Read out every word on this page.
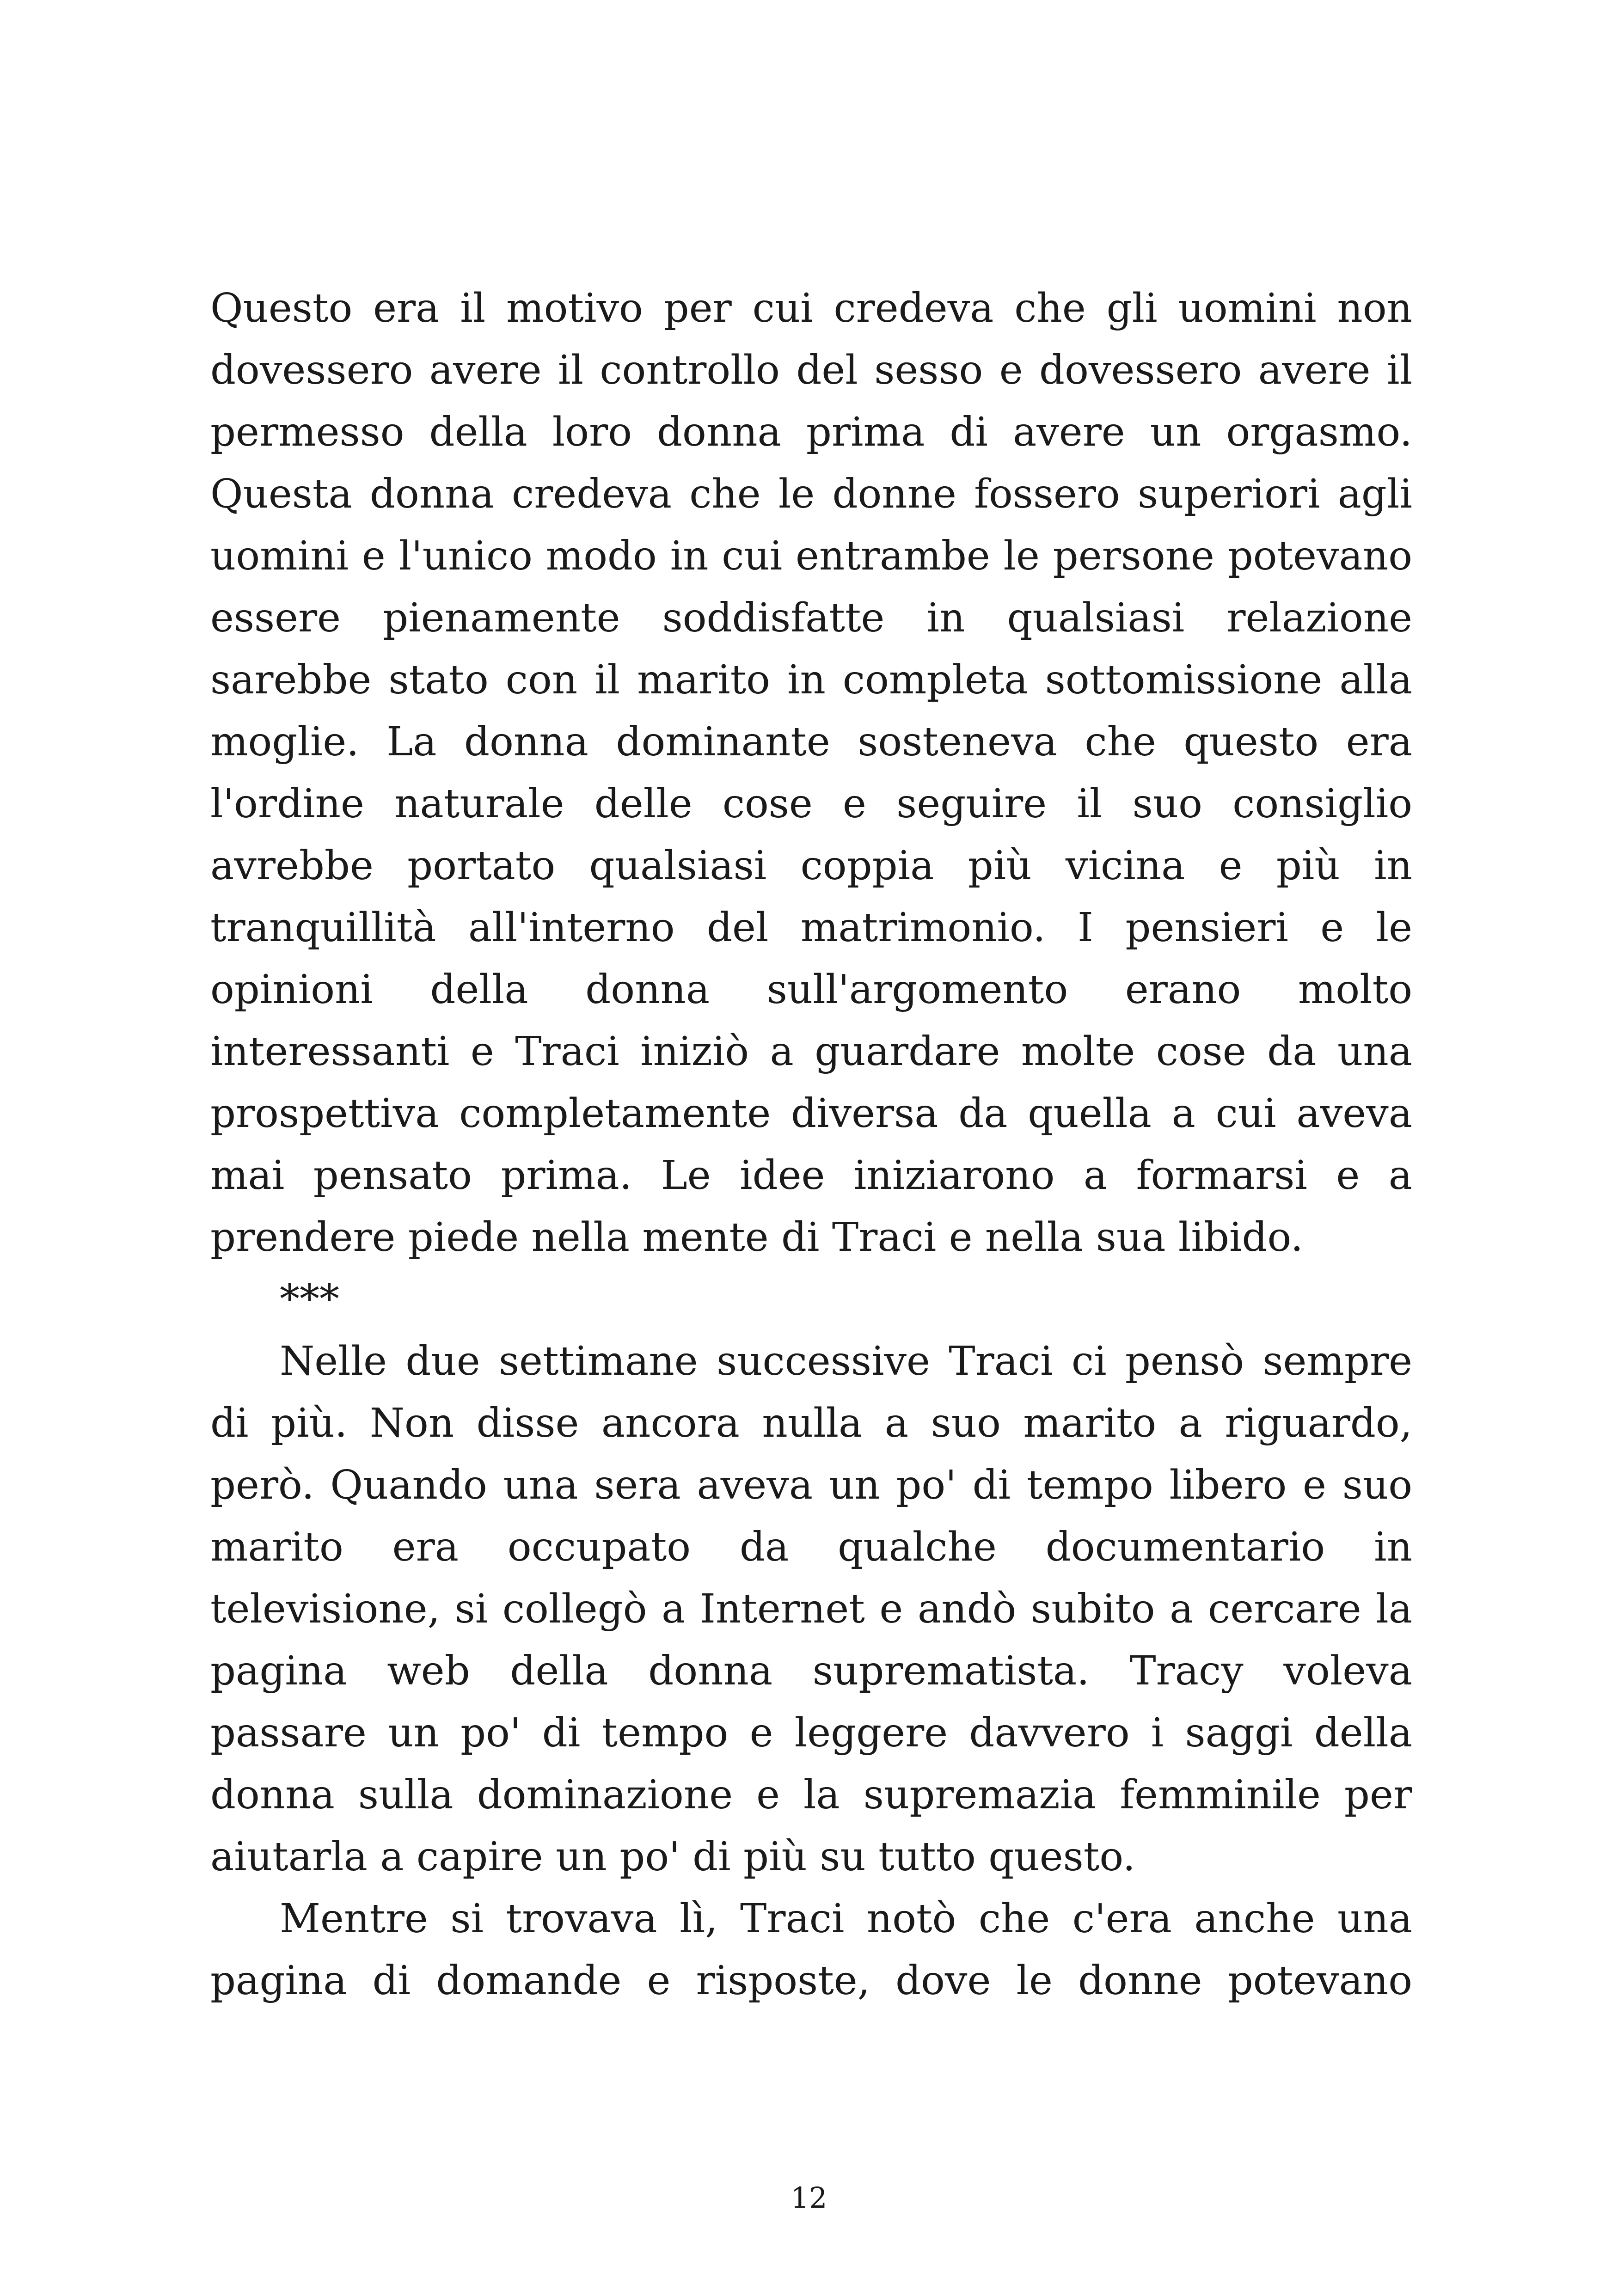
Questo era il motivo per cui credeva che gli uomini non dovessero avere il controllo del sesso e dovessero avere il permesso della loro donna prima di avere un orgasmo. Questa donna credeva che le donne fossero superiori agli uomini e l'unico modo in cui entrambe le persone potevano essere pienamente soddisfatte in qualsiasi relazione sarebbe stato con il marito in completa sottomissione alla moglie. La donna dominante sosteneva che questo era l'ordine naturale delle cose e seguire il suo consiglio avrebbe portato qualsiasi coppia più vicina e più in tranquillità all'interno del matrimonio. I pensieri e le opinioni della donna sull'argomento erano molto interessanti e Traci iniziò a guardare molte cose da una prospettiva completamente diversa da quella a cui aveva mai pensato prima. Le idee iniziarono a formarsi e a prendere piede nella mente di Traci e nella sua libido.

***

Nelle due settimane successive Traci ci pensò sempre di più. Non disse ancora nulla a suo marito a riguardo, però. Quando una sera aveva un po' di tempo libero e suo marito era occupato da qualche documentario in televisione, si collegò a Internet e andò subito a cercare la pagina web della donna suprematista. Tracy voleva passare un po' di tempo e leggere davvero i saggi della donna sulla dominazione e la supremazia femminile per aiutarla a capire un po' di più su tutto questo.

Mentre si trovava lì, Traci notò che c'era anche una pagina di domande e risposte, dove le donne potevano

12
